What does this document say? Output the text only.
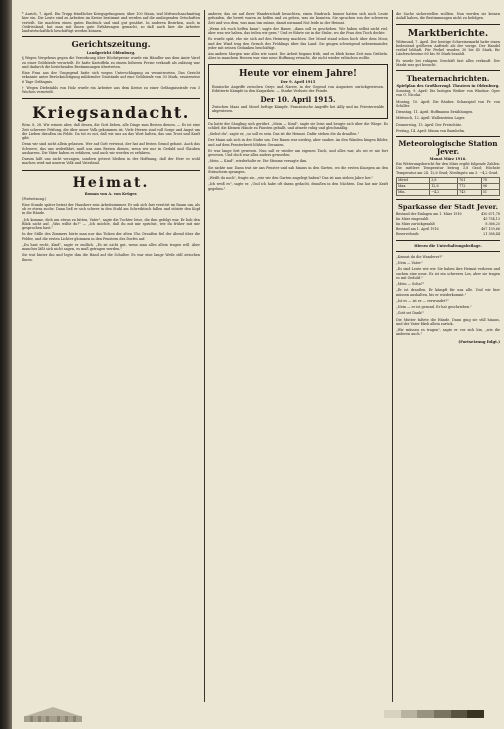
* Aurich, 7. April. Ein Trupp feindlicher Kriegsgefangener, über 100 Mann, traf Mittwochnachmittag hier ein. Die Leute sind zu Arbeiten im Kreise bestimmt und werden auf die umliegenden Ortschaften verteilt. Sie machten einen guten Eindruck und sind gut genährt. In anderen Bezirken, auch in Ostfriesland, hat man mit ihnen gute Erfahrungen gemacht, so daß auch hier die Arbeiter landwirtschaftlich beschäftigt werden können.

Gerichtszeitung.
Landgericht Oldenburg.

§ Wegen Vergehens gegen die Verordnung über Höchstpreise wurde ein Händler aus dem Amte Varel zu einer Geldstrafe verurteilt. Er hatte Kartoffeln zu einem höheren Preise verkauft als zulässig war und dadurch die bestehenden Bestimmungen übertreten.

Eine Frau aus der Umgegend hatte sich wegen Unterschlagung zu verantworten. Das Gericht erkannte unter Berücksichtigung mildernder Umstände auf eine Geldstrafe von 30 Mark, ersatzweise 6 Tage Gefängnis.

† Wegen Diebstahls von Holz wurde ein Arbeiter aus dem Kreise zu einer Gefängnisstrafe von 3 Wochen verurteilt.

Kriegsandacht.

Röm. 8, 28. Wir wissen aber, daß denen, die Gott lieben, alle Dinge zum Besten dienen. — Es ist eine Zeit schwerer Prüfung, die über unser Volk gekommen ist. Viele Herzen sind voll Sorge und Angst um die Lieben draußen im Felde. Da tut es not, daß wir uns an das Wort halten, das uns Trost und Kraft gibt.

Denn wir sind nicht allein gelassen. Wer auf Gott vertraut, der hat auf festen Grund gebaut. Auch das Schwere, das uns widerfährt, muß uns zum Besten dienen, wenn wir nur in Geduld und Glauben ausharren. Die Väter haben es erfahren, und auch wir werden es erfahren.

Darum laßt uns nicht verzagen, sondern getrost bleiben in der Hoffnung, daß der Herr es wohl machen wird mit unserm Volk und Vaterland.

Heimat.
Roman von A. von Krüger.

(Fortsetzung.)

Eine Stunde später betrat der Hausherr sein Arbeitszimmer. Er sah sich fast verstört im Raum um, als ob er etwas suche. Dann ließ er sich schwer in den Stuhl am Schreibtisch fallen und stützte den Kopf in die Hände.

„Ich komme, dich um etwas zu bitten, Vater", sagte die Tochter leise, die ihm gefolgt war. Er hob den Blick nicht auf. „Was willst du?" — „Ich möchte, daß du mit mir sprichst, wie du früher mit mir gesprochen hast."

In der Stille des Zimmers hörte man nur das Ticken der alten Uhr. Draußen fiel der Abend über die Felder, und die ersten Lichter glommen in den Fenstern des Dorfes auf.

„Du hast recht, Kind", sagte er endlich. „Es ist nicht gut, wenn man alles allein tragen will. Aber manches läßt sich nicht sagen, es muß getragen werden."

Sie trat hinter ihn und legte ihm die Hand auf die Schulter. Es war eine lange Weile still zwischen ihnen.

anderer, das sie auf ihrer Wanderschaft besuchten, einen Eindruck. Immer hatten sich noch Leute gefunden, die bereit waren zu helfen und zu geben, was sie konnten. Sie sprachen von der schweren Zeit und von dem, was man tun müsse, damit niemand Not leide in der Heimat.

„Wenn ich euch helfen kann", sagte der Bauer, „dann soll es geschehen. Wir haben selbst nicht viel, aber was wir haben, das teilen wir gern." Und er führte sie in die Stube, wo die Frau den Tisch deckte.

Es wurde spät, ehe sie sich auf den Heimweg machten. Der Mond stand schon hoch über dem Moor, und der Wind trug den Geruch des Frühlings über das Land. Sie gingen schweigend nebeneinander, jeder mit seinen Gedanken beschäftigt.

Am andern Morgen war alles wie sonst. Die Arbeit begann früh, und es blieb keine Zeit zum Grübeln. Aber in manchem Herzen war eine neue Hoffnung erwacht, die nicht wieder erlöschen wollte.

Heute vor einem Jahre!
Der 9. April 1915

Russische Angriffe zwischen Orzyc und Narew, in der Gegend von Augustow zurückgewiesen. Erbitterte Kämpfe in den Karpathen. — Starke Verluste der Feinde.

Der 10. April 1915.

Zwischen Maas und Mosel heftige Kämpfe. Französische Angriffe bei Ailly und im Priesterwalde abgewiesen.

Da hatte der Säugling sich gerührt. „Mein — Kind", sagte sie leise und beugte sich über die Wiege. Es schlief, die kleinen Hände zu Fäusten geballt, und atmete ruhig und gleichmäßig.

„Siehst du", sagte er, „so soll es sein. Das ist die Heimat. Dafür stehen die da draußen."

Der Mann sah sich in der Stube um. Der Raum war niedrig, aber sauber. An den Wänden hingen Bilder, und auf dem Fensterbrett blühten Geranien.

Er war lange fort gewesen. Nun saß er wieder am eigenen Tisch, und alles war, als sei er nie fort gewesen. Und doch war alles anders geworden.

„Mein — Kind", wiederholte er. Die Stimme versagte ihm.

Sie nickte nur. Dann trat sie ans Fenster und sah hinaus in den Garten, wo die ersten Knospen an den Sträuchern sprangen.

„Weißt du noch", fragte sie, „wie wir den Garten angelegt haben? Das ist nun sieben Jahre her."

„Ich weiß es", sagte er. „Und ich habe oft daran gedacht, draußen in den Nächten. Das hat mir Kraft gegeben."

die Sache sicherstellen wollten. Nun werden sie keinen Anlaß haben, die Bestimmungen nicht zu befolgen.

Marktberichte.

Wittmund, 7. April. Der heutige Schweinemarkt hatte einen bedeutend größeren Auftrieb als der vorige. Der Handel verlief lebhaft. Für Ferkel wurden 30 bis 45 Mark, für Läuferschweine 60 bis 90 Mark bezahlt.

Es wurde bei ruhigem Geschäft fast alles verkauft. Der Markt war gut besucht.

Theaternachrichten.
Spielplan des Großherzogl. Theaters in Oldenburg.

Sonntag, 9. April: Die lustigen Weiber von Windsor. Oper von O. Nicolai.

Montag, 10. April: Die Räuber. Schauspiel von Fr. von Schiller.

Dienstag, 11. April: Hoffmanns Erzählungen.

Mittwoch, 12. April: Wallensteins Lager.

Donnerstag, 13. April: Der Freischütz.

Freitag, 14. April: Minna von Barnhelm.

Meteorologische Station Jever.
Monat März 1916.

Ein Witterungsbericht für den März ergibt folgende Zahlen: Die mittlere Temperatur betrug 3,8 Grad; Höchste Temperatur am 24. 12,6 Grad; Niedrigste am 3. −4,2 Grad.

Mittel	3,8	761	78
Max.	12,6	772	96
Min.	−4,2	743	51
Sparkasse der Stadt Jever.
Bestand der Einlagen am 1. März 1916	430 671,78
Im März eingezahlt	45 754,13
Im März zurückgezahlt	8 366,25
Bestand am 1. April 1916	467 159,66
Reservefonds	21 388,44
Hierzu die Unterhaltungsbeilage.

„Kennst du die Wanderer?"

„Nein — Vater."

„Es sind Leute wie wir. Sie haben ihre Heimat verloren und suchen eine neue. Es ist ein schweres Los, aber sie tragen es mit Geduld."

„Mein — Sohn?"

„Er ist draußen. Er kämpft für uns alle. Und wir hier müssen aushalten, bis er wiederkommt."

„Ist es — ist er — verwundet?"

„Nein — er ist gesund. Er hat geschrieben."

„Gott sei Dank!"

Die Mutter faltete die Hände. Dann ging sie still hinaus, und der Vater blieb allein zurück.

„Wir müssen es tragen", sagte er vor sich hin, „wie die anderen auch."

(Fortsetzung folgt.)
